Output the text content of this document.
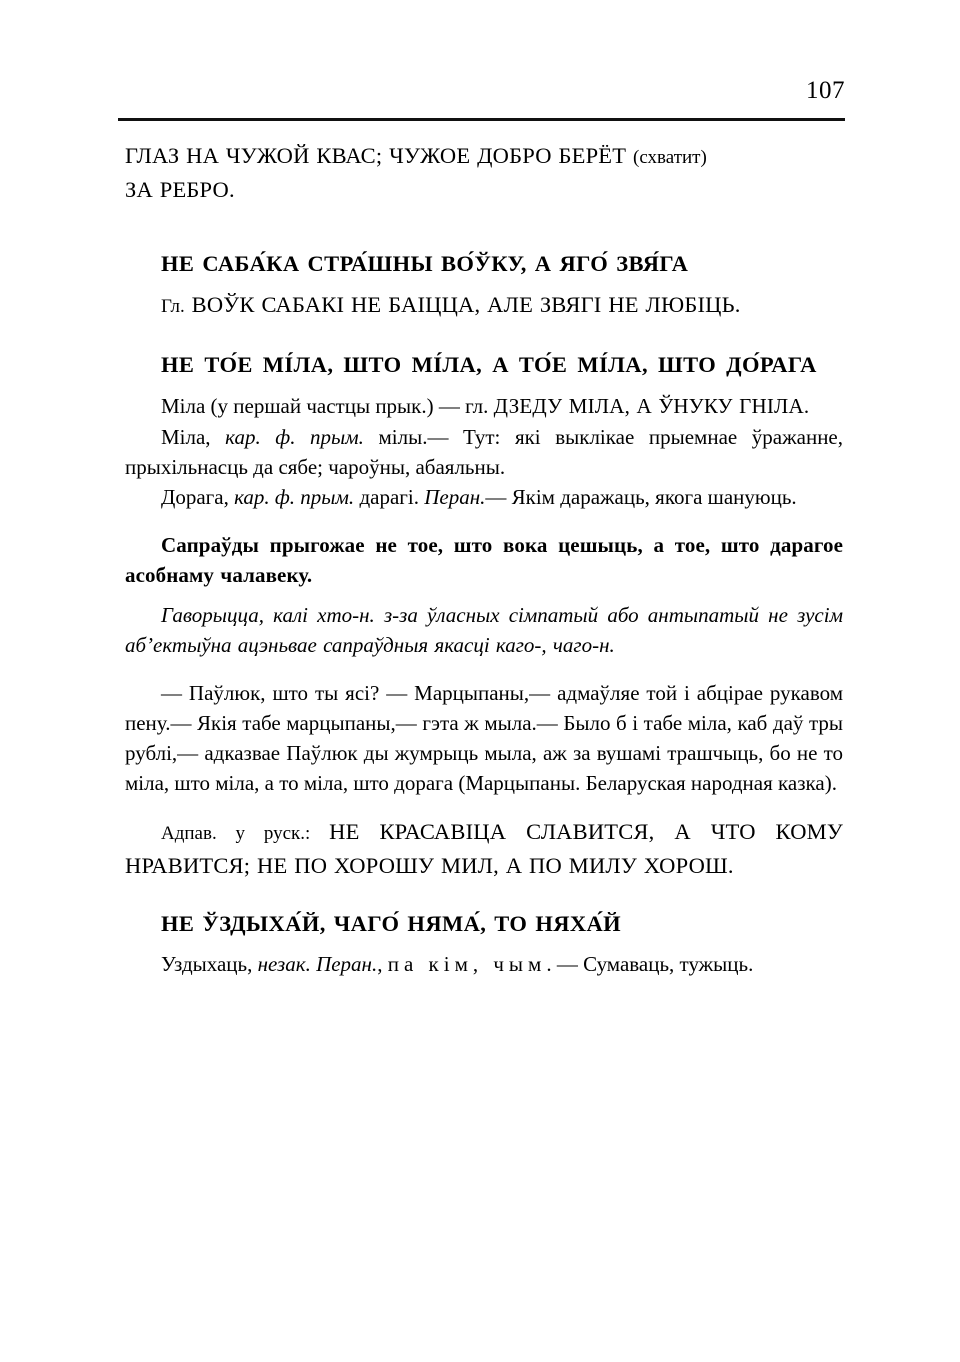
107

ГЛАЗ НА ЧУЖОЙ КВАС; ЧУЖОЕ ДОБРО БЕРЁТ (схватит)
ЗА РЕБРО.

НЕ САБА́КА СТРА́ШНЫ ВО́ЎКУ, А ЯГО́ ЗВЯ́ГА

Гл. ВОЎК САБАКІ НЕ БАІЦЦА, АЛЕ ЗВЯГІ НЕ ЛЮБІЦЬ.

НЕ ТО́Е МІ́ЛА, ШТО МІ́ЛА, А ТО́Е МІ́ЛА, ШТО ДО́РАГА

Міла (у першай частцы прык.) — гл. ДЗЕДУ МІЛА, А ЎНУКУ ГНІЛА.

Міла, кар. ф. прым. мілы.— Тут: які выклікае прыемнае ўражанне, прыхільнасць да сябе; чароўны, абаяльны.

Дорага, кар. ф. прым. дарагі. Перан.— Якім даражаць, якога шануюць.

Сапраўды прыгожае не тое, што вока цешыць, а тое, што дарагое асобнаму чалавеку.

Гаворыцца, калі хто-н. з-за ўласных сімпатый або антыпатый не зусім аб’ектыўна ацэньвае сапраўдныя якасці каго-, чаго-н.

— Паўлюк, што ты ясі? — Марцыпаны,— адмаўляе той і абцірае рукавом пену.— Якія табе марцыпаны,— гэта ж мыла.— Было б і табе міла, каб даў тры рублі,— адказвае Паўлюк ды жумрыць мыла, аж за вушамі трашчыць, бо не то міла, што міла, а то міла, што дорага (Марцыпаны. Беларуская народная казка).

Адпав. у руск.: НЕ КРАСАВІЦА СЛАВИТСЯ, А ЧТО КОМУ НРАВИТСЯ; НЕ ПО ХОРОШУ МИЛ, А ПО МИЛУ ХОРОШ.

НЕ ЎЗДЫХА́Й, ЧАГО́ НЯМА́, ТО НЯХА́Й

Уздыхаць, незак. Перан., па кім, чым. — Сумаваць, тужыць.
